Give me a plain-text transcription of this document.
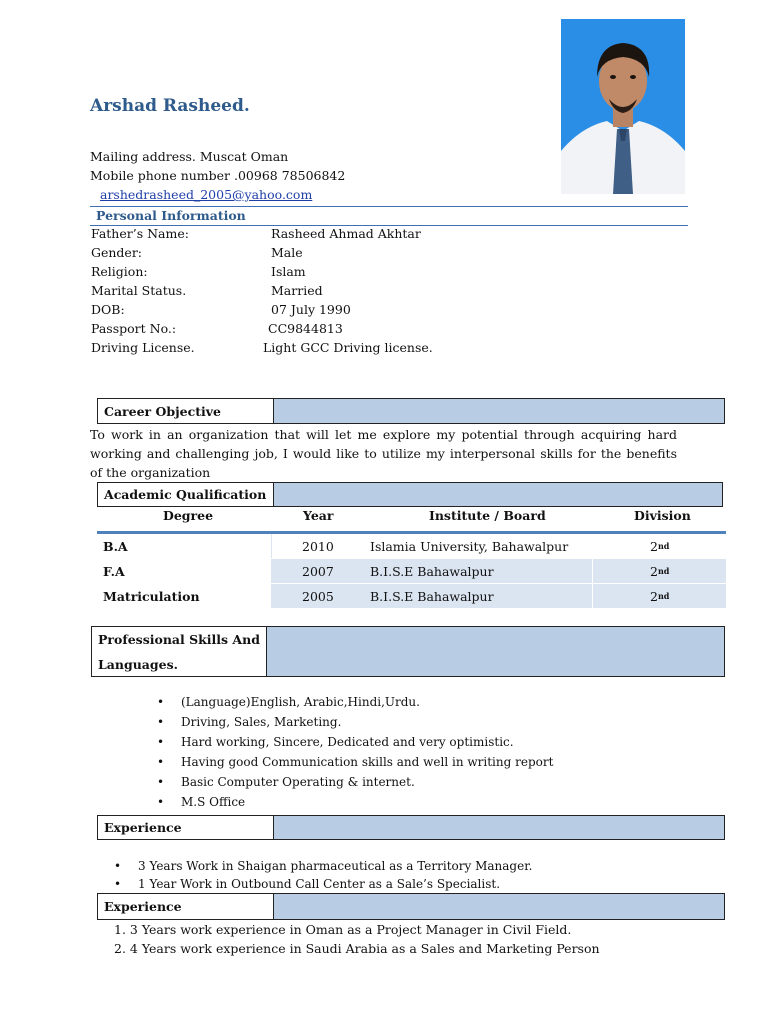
Arshad Rasheed.
Mailing address. Muscat Oman
Mobile phone number .00968 78506842
arshedrasheed_2005@yahoo.com
Personal Information
Father’s Name:	Rasheed Ahmad Akhtar
Gender:	Male
Religion:	Islam
Marital Status.	Married
DOB:	07 July 1990
Passport No.:	CC9844813
Driving License.	Light GCC Driving license.
Career Objective
To work in an organization that will let me explore my potential through acquiring hard working and challenging job, I would like to utilize my interpersonal skills for the benefits of the organization
Academic Qualification
Degree	Year	Institute / Board	Division
B.A	2010	Islamia University, Bahawalpur	2 nd
F.A	2007	B.I.S.E Bahawalpur	2 nd
Matriculation	2005	B.I.S.E Bahawalpur	2 nd
Professional Skills And
Languages.
• (Language)English, Arabic,Hindi,Urdu.
• Driving, Sales, Marketing.
• Hard working, Sincere, Dedicated and very optimistic.
• Having good Communication skills and well in writing report
• Basic Computer Operating & internet.
• M.S Office
Experience
• 3 Years Work in Shaigan pharmaceutical as a Territory Manager.
• 1 Year Work in Outbound Call Center as a Sale’s Specialist.
Experience
1. 3 Years work experience in Oman as a Project Manager in Civil Field.
2. 4 Years work experience in Saudi Arabia as a Sales and Marketing Person
